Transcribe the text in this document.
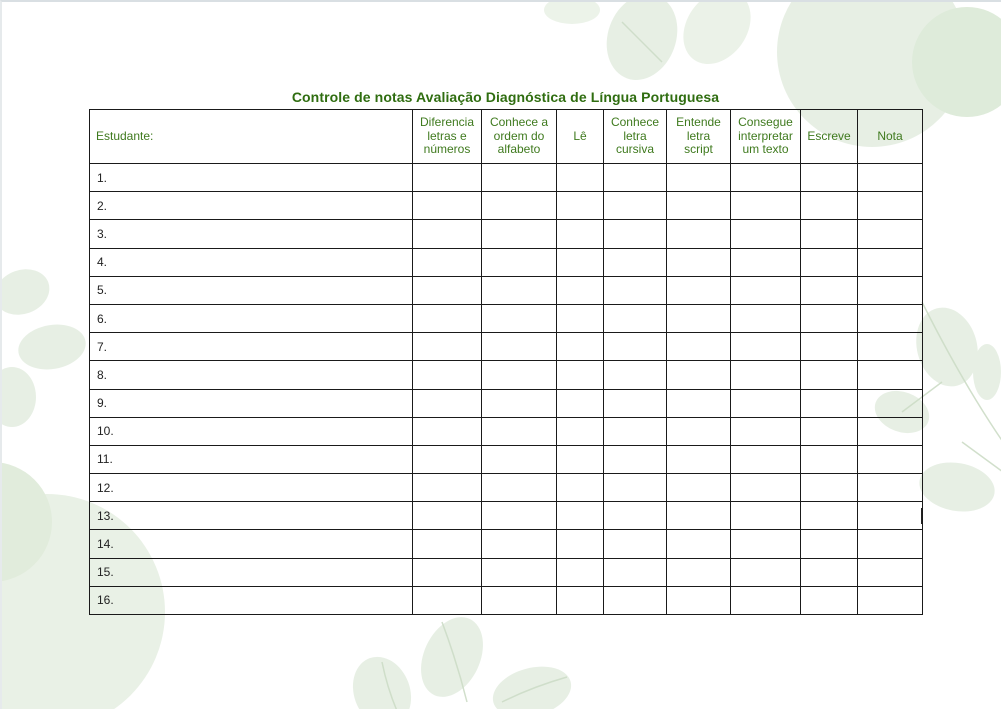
Controle de notas Avaliação Diagnóstica de Língua Portuguesa
Estudante:	Diferencia
letras e
números	Conhece a
ordem do
alfabeto	Lê	Conhece
letra
cursiva	Entende
letra
script	Consegue
interpretar
um texto	Escreve	Nota
1.								
2.								
3.								
4.								
5.								
6.								
7.								
8.								
9.								
10.								
11.								
12.								
13.								
14.								
15.								
16.								
